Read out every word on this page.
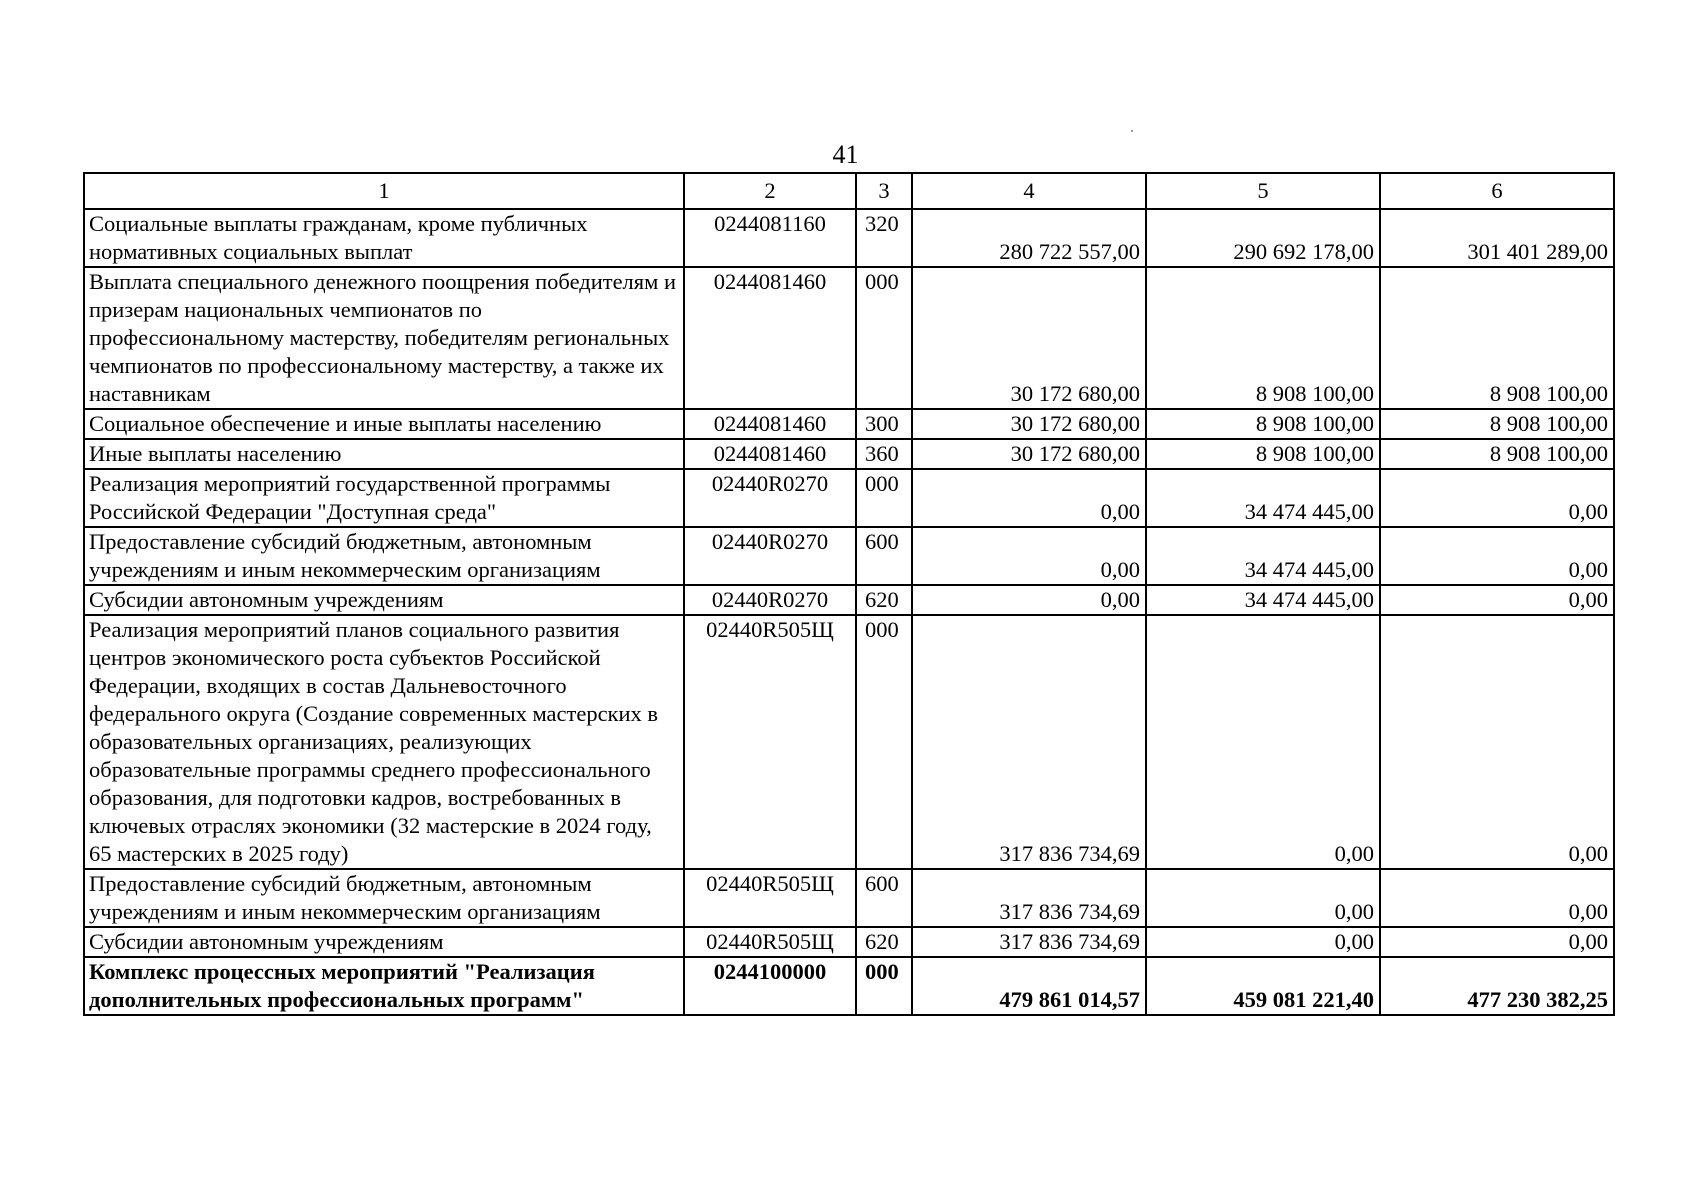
41
1	2	3	4	5	6
Социальные выплаты гражданам, кроме публичных нормативных социальных выплат	0244081160	320	280 722 557,00	290 692 178,00	301 401 289,00
Выплата специального денежного поощрения победителям и призерам национальных чемпионатов по профессиональному мастерству, победителям региональных чемпионатов по профессиональному мастерству, а также их наставникам	0244081460	000	30 172 680,00	8 908 100,00	8 908 100,00
Социальное обеспечение и иные выплаты населению	0244081460	300	30 172 680,00	8 908 100,00	8 908 100,00
Иные выплаты населению	0244081460	360	30 172 680,00	8 908 100,00	8 908 100,00
Реализация мероприятий государственной программы Российской Федерации "Доступная среда"	02440R0270	000	0,00	34 474 445,00	0,00
Предоставление субсидий бюджетным, автономным учреждениям и иным некоммерческим организациям	02440R0270	600	0,00	34 474 445,00	0,00
Субсидии автономным учреждениям	02440R0270	620	0,00	34 474 445,00	0,00
Реализация мероприятий планов социального развития центров экономического роста субъектов Российской Федерации, входящих в состав Дальневосточного федерального округа (Создание современных мастерских в образовательных организациях, реализующих образовательные программы среднего профессионального образования, для подготовки кадров, востребованных в ключевых отраслях экономики (32 мастерские в 2024 году, 65 мастерских в 2025 году)	02440R505Щ	000	317 836 734,69	0,00	0,00
Предоставление субсидий бюджетным, автономным учреждениям и иным некоммерческим организациям	02440R505Щ	600	317 836 734,69	0,00	0,00
Субсидии автономным учреждениям	02440R505Щ	620	317 836 734,69	0,00	0,00
Комплекс процессных мероприятий "Реализация дополнительных профессиональных программ"	0244100000	000	479 861 014,57	459 081 221,40	477 230 382,25
